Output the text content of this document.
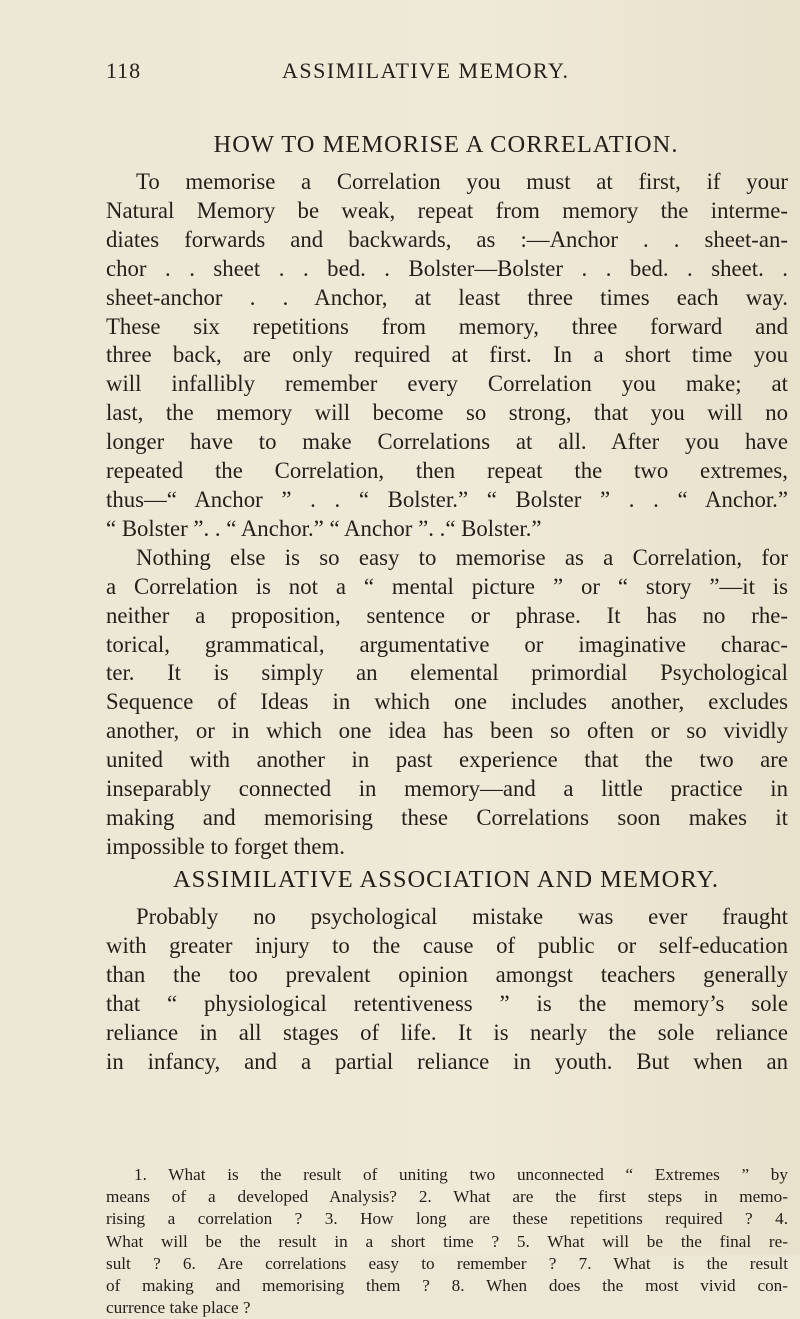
118	ASSIMILATIVE MEMORY.
HOW TO MEMORISE A CORRELATION.
To memorise a Correlation you must at first, if your
Natural Memory be weak, repeat from memory the interme-
diates forwards and backwards, as :—Anchor . . sheet-an-
chor . . sheet . . bed. . Bolster—Bolster . . bed. . sheet. .
sheet-anchor . . Anchor, at least three times each way.
These six repetitions from memory, three forward and
three back, are only required at first. In a short time you
will infallibly remember every Correlation you make; at
last, the memory will become so strong, that you will no
longer have to make Correlations at all. After you have
repeated the Correlation, then repeat the two extremes,
thus—“ Anchor ” . . “ Bolster.” “ Bolster ” . . “ Anchor.”
“ Bolster ”. . “ Anchor.” “ Anchor ”. .“ Bolster.”
Nothing else is so easy to memorise as a Correlation, for
a Correlation is not a “ mental picture ” or “ story ”—it is
neither a proposition, sentence or phrase. It has no rhe-
torical, grammatical, argumentative or imaginative charac-
ter. It is simply an elemental primordial Psychological
Sequence of Ideas in which one includes another, excludes
another, or in which one idea has been so often or so vividly
united with another in past experience that the two are
inseparably connected in memory—and a little practice in
making and memorising these Correlations soon makes it
impossible to forget them.
ASSIMILATIVE ASSOCIATION AND MEMORY.
Probably no psychological mistake was ever fraught
with greater injury to the cause of public or self-education
than the too prevalent opinion amongst teachers generally
that “ physiological retentiveness ” is the memory’s sole
reliance in all stages of life. It is nearly the sole reliance
in infancy, and a partial reliance in youth. But when an
1. What is the result of uniting two unconnected “ Extremes ” by
means of a developed Analysis? 2. What are the first steps in memo-
rising a correlation ? 3. How long are these repetitions required ? 4.
What will be the result in a short time ? 5. What will be the final re-
sult ? 6. Are correlations easy to remember ? 7. What is the result
of making and memorising them ? 8. When does the most vivid con-
currence take place ?
